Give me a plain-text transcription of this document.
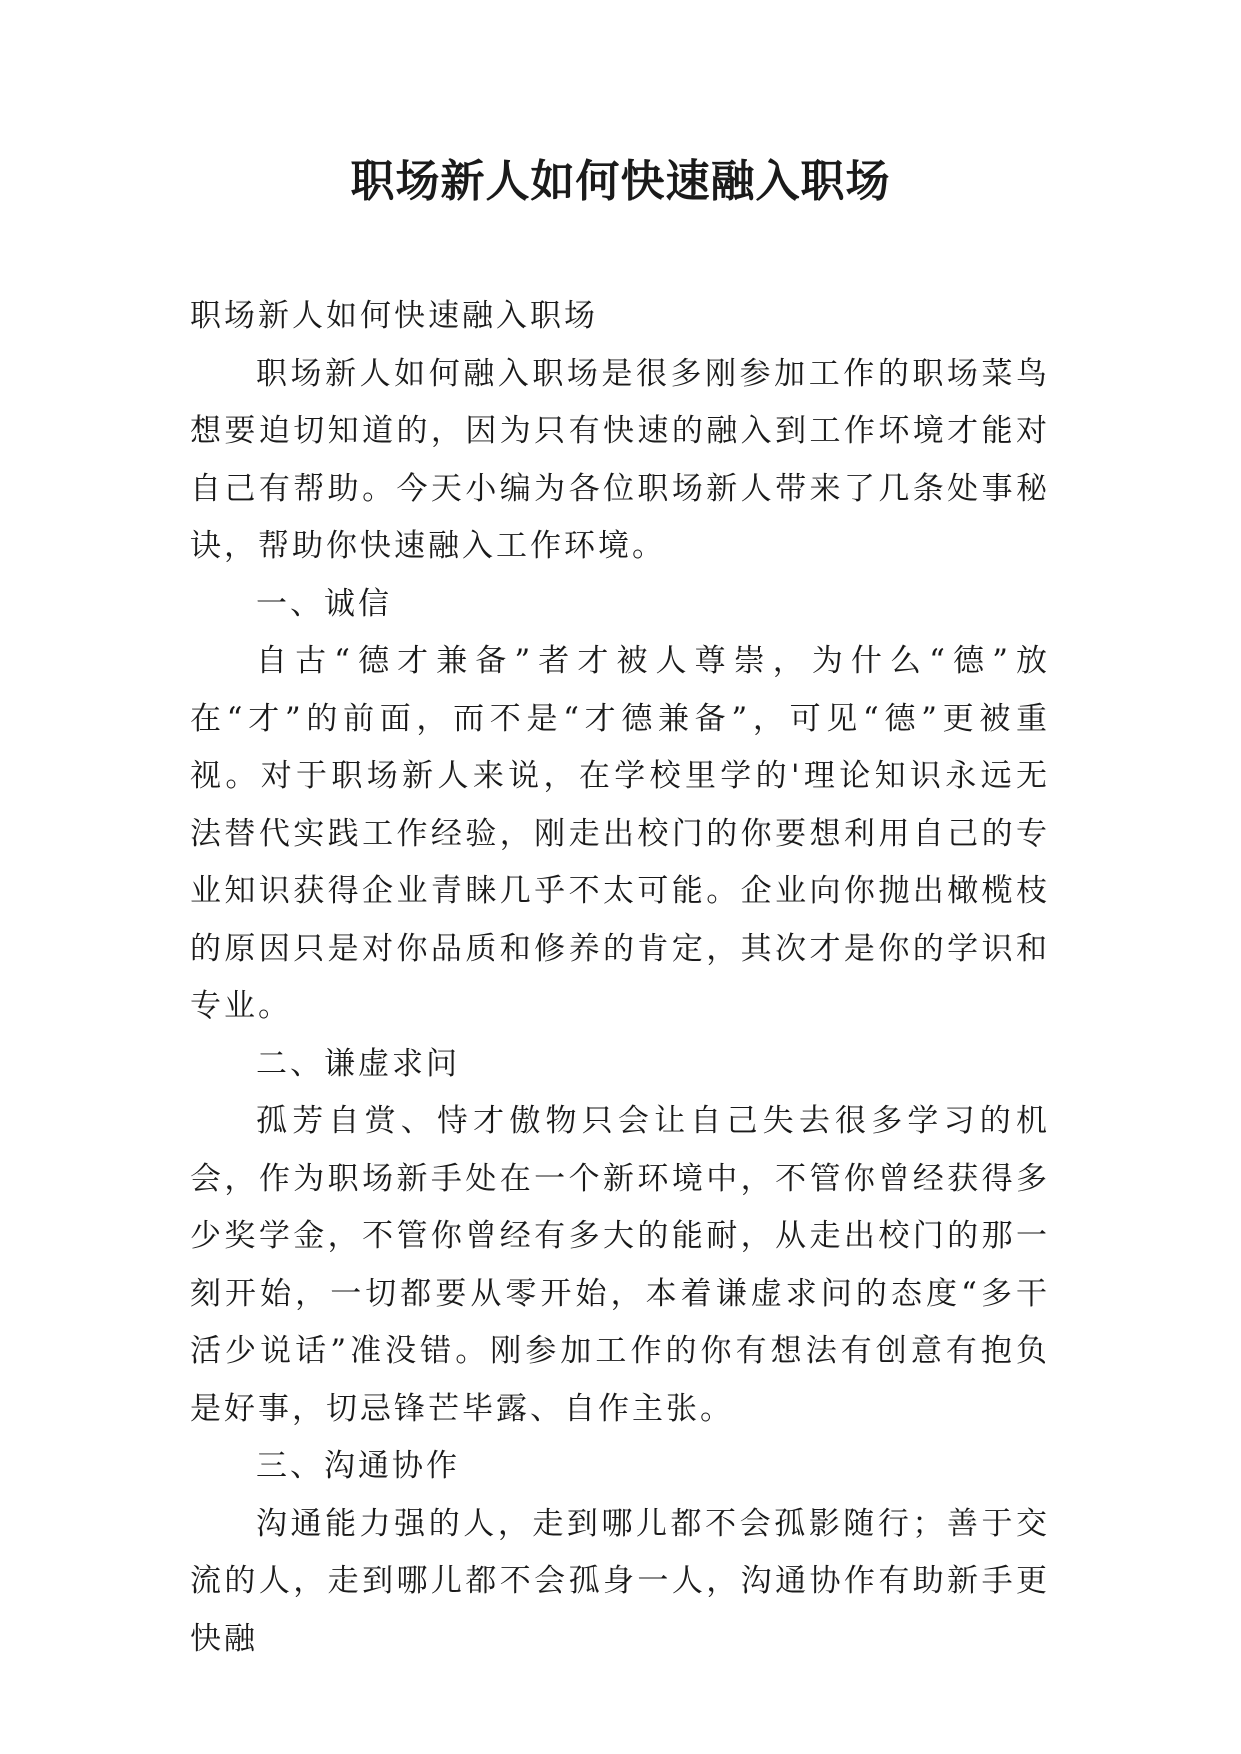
职场新人如何快速融入职场

职场新人如何快速融入职场

职场新人如何融入职场是很多刚参加工作的职场菜鸟想要迫切知道的，因为只有快速的融入到工作坏境才能对自己有帮助。今天小编为各位职场新人带来了几条处事秘诀，帮助你快速融入工作环境。

一、诚信

自古“德才兼备”者才被人尊崇，为什么“德”放在“才”的前面，而不是“才德兼备”，可见“德”更被重视。对于职场新人来说，在学校里学的'理论知识永远无法替代实践工作经验，刚走出校门的你要想利用自己的专业知识获得企业青睐几乎不太可能。企业向你抛出橄榄枝的原因只是对你品质和修养的肯定，其次才是你的学识和专业。

二、谦虚求问

孤芳自赏、恃才傲物只会让自己失去很多学习的机会，作为职场新手处在一个新环境中，不管你曾经获得多少奖学金，不管你曾经有多大的能耐，从走出校门的那一刻开始，一切都要从零开始，本着谦虚求问的态度“多干活少说话”准没错。刚参加工作的你有想法有创意有抱负是好事，切忌锋芒毕露、自作主张。

三、沟通协作

沟通能力强的人，走到哪儿都不会孤影随行；善于交流的人，走到哪儿都不会孤身一人，沟通协作有助新手更快融
